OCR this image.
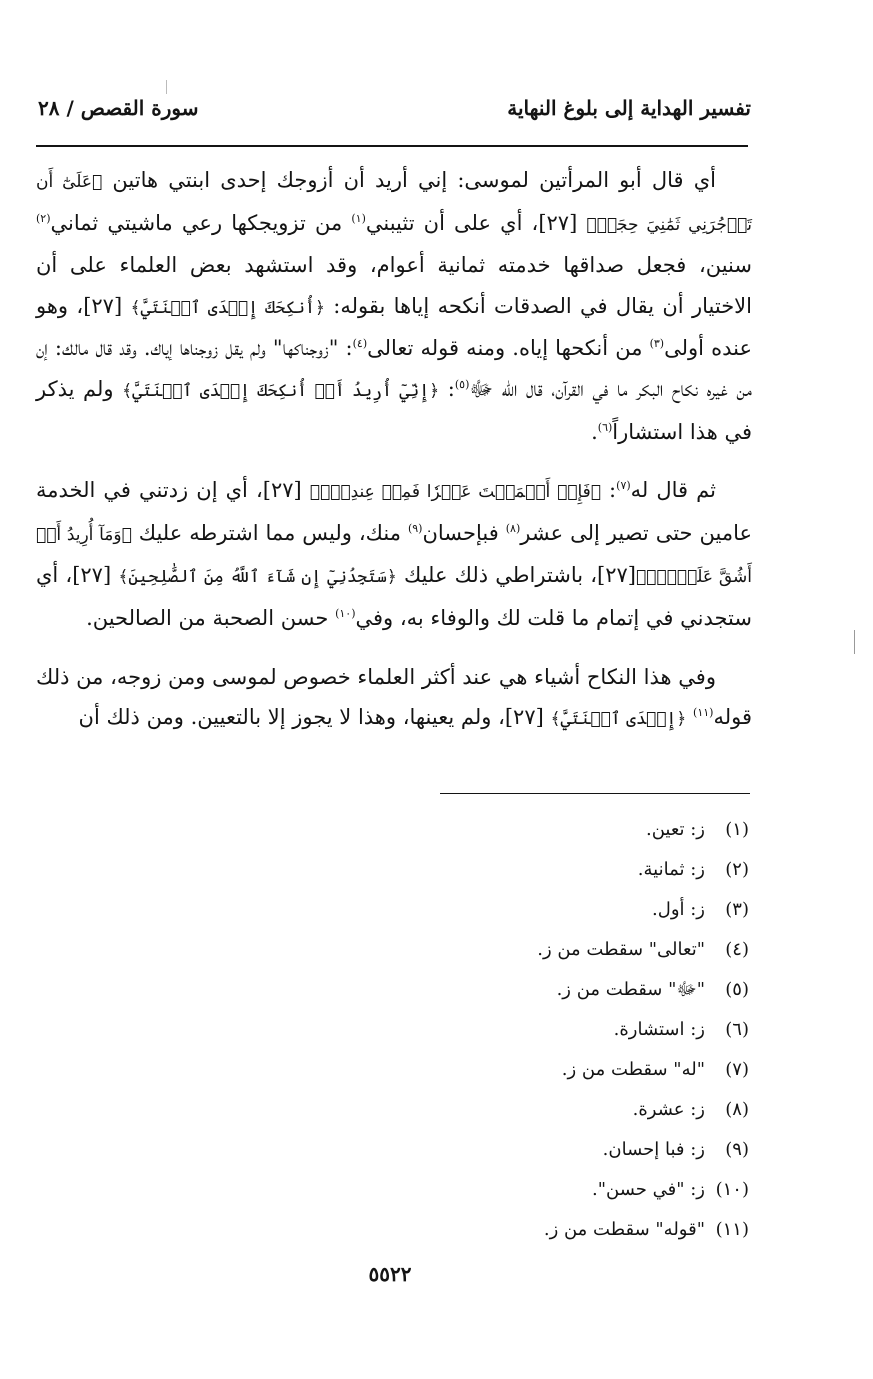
تفسير الهداية إلى بلوغ النهاية
سورة القصص / ٢٨

أي قال أبو المرأتين لموسى: إني أريد أن أزوجك إحدى ابنتي هاتين ﴿عَلَىٰٓ أَن تَأۡجُرَنِي ثَمَٰنِيَ حِجَجٖ﴾ [٢٧]، أي على أن تثيبني$^{(١)}$ من تزويجكها رعي ماشيتي ثماني$^{(٢)}$ سنين، فجعل صداقها خدمته ثمانية أعوام، وقد استشهد بعض العلماء على أن الاختيار أن يقال في الصدقات أنكحه إياها بقوله: ﴿أُنكِحَكَ إِحۡدَى ٱبۡنَتَيَّ﴾ [٢٧]، وهو عنده أولى$^{(٣)}$ من أنكحها إياه. ومنه قوله تعالى$^{(٤)}$: "زوجناكها" ولم يقل زوجناها إياك. وقد قال مالك: إن من غيره نكاح البكر ما في القرآن، قال الله ﷻ$^{(٥)}$: ﴿إِنِّيٓ أُرِيدُ أَنۡ أُنكِحَكَ إِحۡدَى ٱبۡنَتَيَّ﴾ ولم يذكر في هذا استشاراً$^{(٦)}$.

ثم قال له$^{(٧)}$: ﴿فَإِنۡ أَتۡمَمۡتَ عَشۡرٗا فَمِنۡ عِندِكَۖ﴾ [٢٧]، أي إن زدتني في الخدمة عامين حتى تصير إلى عشر$^{(٨)}$ فبإحسان$^{(٩)}$ منك، وليس مما اشترطه عليك ﴿وَمَآ أُرِيدُ أَنۡ أَشُقَّ عَلَيۡكَۚ﴾[٢٧]، باشتراطي ذلك عليك ﴿سَتَجِدُنِيٓ إِن شَآءَ ٱللَّهُ مِنَ ٱلصَّٰلِحِينَ﴾ [٢٧]، أي ستجدني في إتمام ما قلت لك والوفاء به، وفي$^{(١٠)}$ حسن الصحبة من الصالحين.

وفي هذا النكاح أشياء هي عند أكثر العلماء خصوص لموسى ومن زوجه، من ذلك قوله$^{(١١)}$ ﴿إِحۡدَى ٱبۡنَتَيَّ﴾ [٢٧]، ولم يعينها، وهذا لا يجوز إلا بالتعيين. ومن ذلك أن

(١)ز: تعين.
(٢)ز: ثمانية.
(٣)ز: أول.
(٤)"تعالى" سقطت من ز.
(٥)"ﷻ" سقطت من ز.
(٦)ز: استشارة.
(٧)"له" سقطت من ز.
(٨)ز: عشرة.
(٩)ز: فبا إحسان.
(١٠)ز: "في حسن".
(١١)"قوله" سقطت من ز.
٥٥٢٢
